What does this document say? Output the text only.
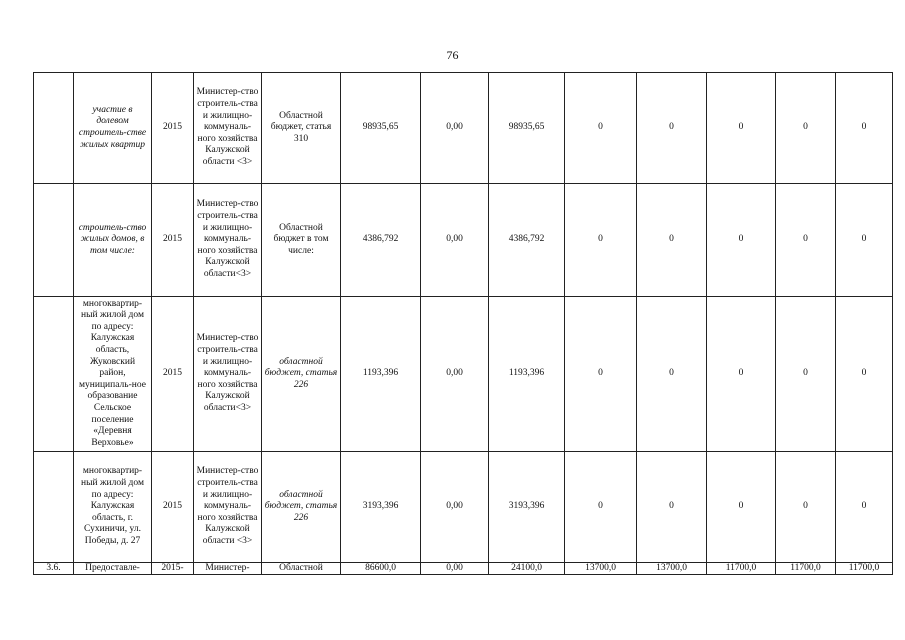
76
	участие в долевом строитель-стве жилых квартир	2015	Министер-ство строитель-ства и жилищно-коммуналь-ного хозяйства Калужской области <3>	Областной бюджет, статья 310	98935,65	0,00	98935,65	0	0	0	0	0
	строитель-ство жилых домов, в том числе:	2015	Министер-ство строитель-ства и жилищно-коммуналь-ного хозяйства Калужской области<3>	Областной бюджет в том числе:	4386,792	0,00	4386,792	0	0	0	0	0
	многоквартир-ный жилой дом по адресу: Калужская область, Жуковский район, муниципаль-ное образование Сельское поселение «Деревня Верховье»	2015	Министер-ство строитель-ства и жилищно-коммуналь-ного хозяйства Калужской области<3>	областной бюджет, статья 226	1193,396	0,00	1193,396	0	0	0	0	0
	многоквартир-ный жилой дом по адресу: Калужская область, г. Сухиничи, ул. Победы, д. 27	2015	Министер-ство строитель-ства и жилищно-коммуналь-ного хозяйства Калужской области <3>	областной бюджет, статья 226	3193,396	0,00	3193,396	0	0	0	0	0
3.6.	Предоставле-	2015-	Министер-	Областной	86600,0	0,00	24100,0	13700,0	13700,0	11700,0	11700,0	11700,0
